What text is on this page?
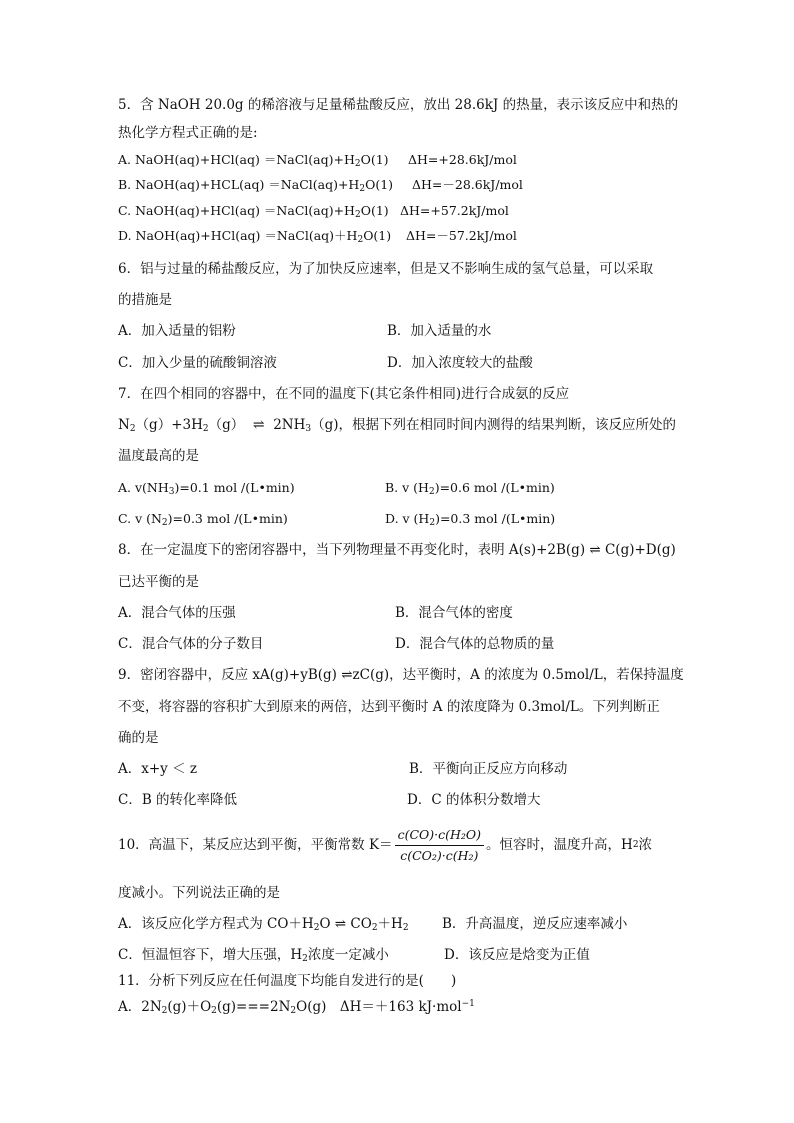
5．含 NaOH 20.0g 的稀溶液与足量稀盐酸反应，放出 28.6kJ 的热量，表示该反应中和热的
热化学方程式正确的是:
A. NaOH(aq)+HCl(aq) $=NaCl(aq)+H_2O(1)$ ΔH=+28.6kJ/mol
B. NaOH(aq)+HCL(aq) $=NaCl(aq)+H_2O(1)$ ΔH=－28.6kJ/mol
C. NaOH(aq)+HCl(aq) $=NaCl(aq)+H_2O(1)$ ΔH=+57.2kJ/mol
D. NaOH(aq)+HCl(aq) $=NaCl(aq)+H_2O(1)$ ΔH=－57.2kJ/mol
6．铝与过量的稀盐酸反应，为了加快反应速率，但是又不影响生成的氢气总量，可以采取
的措施是
A．加入适量的铝粉	B．加入适量的水
C．加入少量的硫酸铜溶液	D．加入浓度较大的盐酸
7．在四个相同的容器中，在不同的温度下(其它条件相同)进行合成氨的反应
$N_2(g)+3H_2(g)$ ⇌ $2NH_3(g)$，根据下列在相同时间内测得的结果判断，该反应所处的
温度最高的是
A. $v(NH_3)=0.1$ mol /(L•min)	B. v $(H_2)=0.6$ mol /(L•min)
C. v $(N_2)=0.3$ mol /(L•min)	D. v $(H_2)=0.3$ mol /(L•min)
8．在一定温度下的密闭容器中，当下列物理量不再变化时，表明 A(s)+2B(g) ⇌ C(g)+D(g)
已达平衡的是
A．混合气体的压强	B．混合气体的密度
C．混合气体的分子数目	D．混合气体的总物质的量
9．密闭容器中，反应 xA(g)+yB(g) ⇌zC(g)，达平衡时，A 的浓度为 0.5mol/L，若保持温度
不变，将容器的容积扩大到原来的两倍，达到平衡时 A 的浓度降为 0.3mol/L。下列判断正
确的是
A．x+y ＜ z	B．平衡向正反应方向移动
C．B 的转化率降低	D．C 的体积分数增大
10．高温下，某反应达到平衡，平衡常数 $K= \frac{\text{c(CO)·c(H₂O)}}{\text{c(CO₂)·c(H₂)}}$ 。恒容时，温度升高，H 2 浓
度减小。下列说法正确的是
A．该反应化学方程式为 $CO+H_2O$ ⇌ $CO_2+H_2$ B．升高温度，逆反应速率减小
C．恒温恒容下，增大压强，$H_2$浓度一定减小	D．该反应是焓变为正值
11．分析下列反应在任何温度下均能自发进行的是(　　)
A．$2N_2(g)+O_2(g)===2N_2O(g)$　ΔH＝＋163 kJ·mol$^{-1}$
